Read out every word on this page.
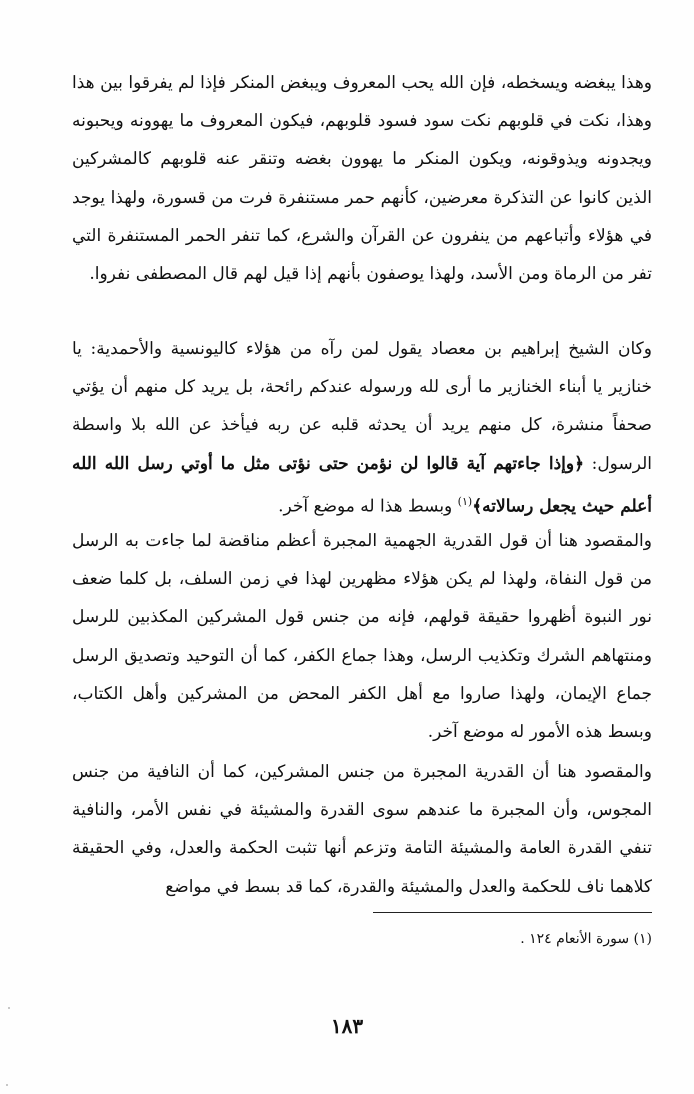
وهذا يبغضه ويسخطه، فإن الله يحب المعروف ويبغض المنكر فإذا لم يفرقوا بين هذا وهذا، نكت في قلوبهم نكت سود فسود قلوبهم، فيكون المعروف ما يهوونه ويحبونه ويجدونه ويذوقونه، ويكون المنكر ما يهوون بغضه وتنقر عنه قلوبهم كالمشركين الذين كانوا عن التذكرة معرضين، كأنهم حمر مستنفرة فرت من قسورة، ولهذا يوجد في هؤلاء وأتباعهم من ينفرون عن القرآن والشرع، كما تنفر الحمر المستنفرة التي تفر من الرماة ومن الأسد، ولهذا يوصفون بأنهم إذا قيل لهم قال المصطفى نفروا.

وكان الشيخ إبراهيم بن معصاد يقول لمن رآه من هؤلاء كاليونسية والأحمدية: يا خنازير يا أبناء الخنازير ما أرى لله ورسوله عندكم رائحة، بل يريد كل منهم أن يؤتي صحفاً منشرة، كل منهم يريد أن يحدثه قلبه عن ربه فيأخذ عن الله بلا واسطة الرسول: ﴿وإذا جاءتهم آية قالوا لن نؤمن حتى نؤتى مثل ما أوتي رسل الله الله أعلم حيث يجعل رسالاته﴾$^{(١)}$ وبسط هذا له موضع آخر.

والمقصود هنا أن قول القدرية الجهمية المجبرة أعظم مناقضة لما جاءت به الرسل من قول النفاة، ولهذا لم يكن هؤلاء مظهرين لهذا في زمن السلف، بل كلما ضعف نور النبوة أظهروا حقيقة قولهم، فإنه من جنس قول المشركين المكذبين للرسل ومنتهاهم الشرك وتكذيب الرسل، وهذا جماع الكفر، كما أن التوحيد وتصديق الرسل جماع الإيمان، ولهذا صاروا مع أهل الكفر المحض من المشركين وأهل الكتاب، وبسط هذه الأمور له موضع آخر.

والمقصود هنا أن القدرية المجبرة من جنس المشركين، كما أن النافية من جنس المجوس، وأن المجبرة ما عندهم سوى القدرة والمشيئة في نفس الأمر، والنافية تنفي القدرة العامة والمشيئة التامة وتزعم أنها تثبت الحكمة والعدل، وفي الحقيقة كلاهما ناف للحكمة والعدل والمشيئة والقدرة، كما قد بسط في مواضع

(١) سورة الأنعام ١٢٤ .
١٨٣
